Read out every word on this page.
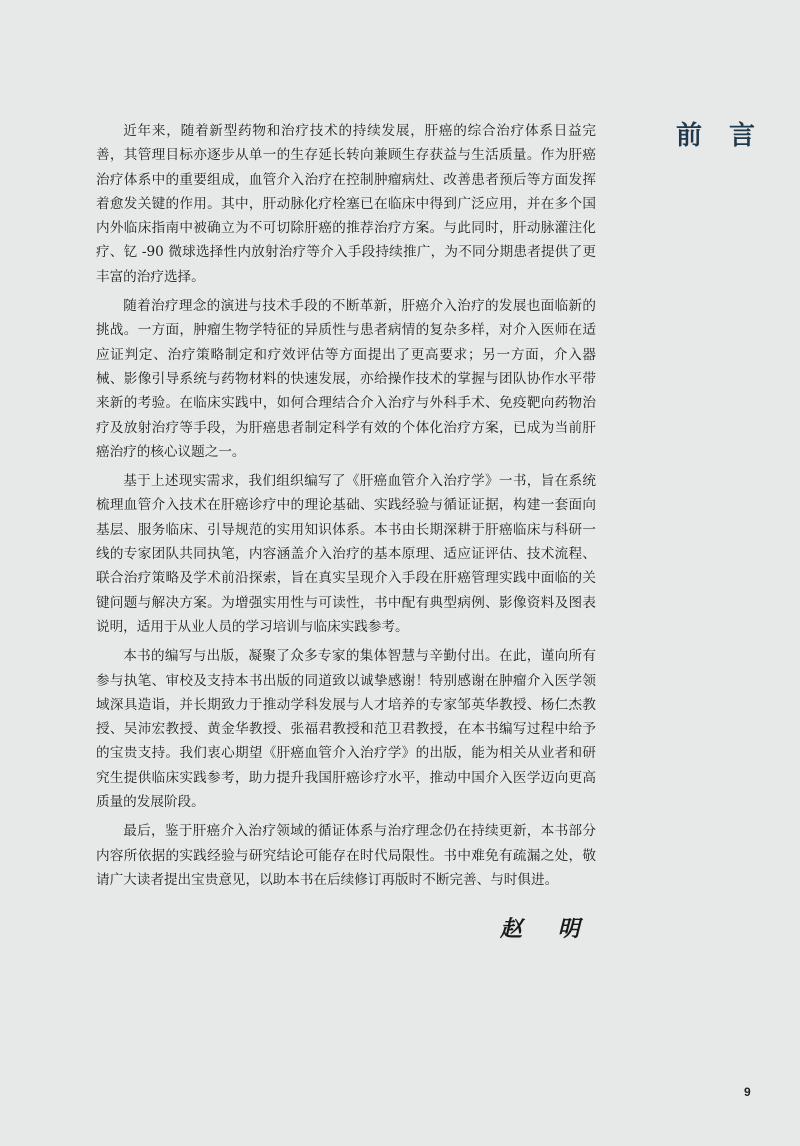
前 言

近年来，随着新型药物和治疗技术的持续发展，肝癌的综合治疗体系日益完善，其管理目标亦逐步从单一的生存延长转向兼顾生存获益与生活质量。作为肝癌治疗体系中的重要组成，血管介入治疗在控制肿瘤病灶、改善患者预后等方面发挥着愈发关键的作用。其中，肝动脉化疗栓塞已在临床中得到广泛应用，并在多个国内外临床指南中被确立为不可切除肝癌的推荐治疗方案。与此同时，肝动脉灌注化疗、钇 -90 微球选择性内放射治疗等介入手段持续推广，为不同分期患者提供了更丰富的治疗选择。

随着治疗理念的演进与技术手段的不断革新，肝癌介入治疗的发展也面临新的挑战。一方面，肿瘤生物学特征的异质性与患者病情的复杂多样，对介入医师在适应证判定、治疗策略制定和疗效评估等方面提出了更高要求；另一方面，介入器械、影像引导系统与药物材料的快速发展，亦给操作技术的掌握与团队协作水平带来新的考验。在临床实践中，如何合理结合介入治疗与外科手术、免疫靶向药物治疗及放射治疗等手段，为肝癌患者制定科学有效的个体化治疗方案，已成为当前肝癌治疗的核心议题之一。

基于上述现实需求，我们组织编写了《肝癌血管介入治疗学》一书，旨在系统梳理血管介入技术在肝癌诊疗中的理论基础、实践经验与循证证据，构建一套面向基层、服务临床、引导规范的实用知识体系。本书由长期深耕于肝癌临床与科研一线的专家团队共同执笔，内容涵盖介入治疗的基本原理、适应证评估、技术流程、联合治疗策略及学术前沿探索，旨在真实呈现介入手段在肝癌管理实践中面临的关键问题与解决方案。为增强实用性与可读性，书中配有典型病例、影像资料及图表说明，适用于从业人员的学习培训与临床实践参考。

本书的编写与出版，凝聚了众多专家的集体智慧与辛勤付出。在此，谨向所有参与执笔、审校及支持本书出版的同道致以诚挚感谢！特别感谢在肿瘤介入医学领域深具造诣，并长期致力于推动学科发展与人才培养的专家邹英华教授、杨仁杰教授、吴沛宏教授、黄金华教授、张福君教授和范卫君教授，在本书编写过程中给予的宝贵支持。我们衷心期望《肝癌血管介入治疗学》的出版，能为相关从业者和研究生提供临床实践参考，助力提升我国肝癌诊疗水平，推动中国介入医学迈向更高质量的发展阶段。

最后，鉴于肝癌介入治疗领域的循证体系与治疗理念仍在持续更新，本书部分内容所依据的实践经验与研究结论可能存在时代局限性。书中难免有疏漏之处，敬请广大读者提出宝贵意见，以助本书在后续修订再版时不断完善、与时俱进。

赵 明
9
